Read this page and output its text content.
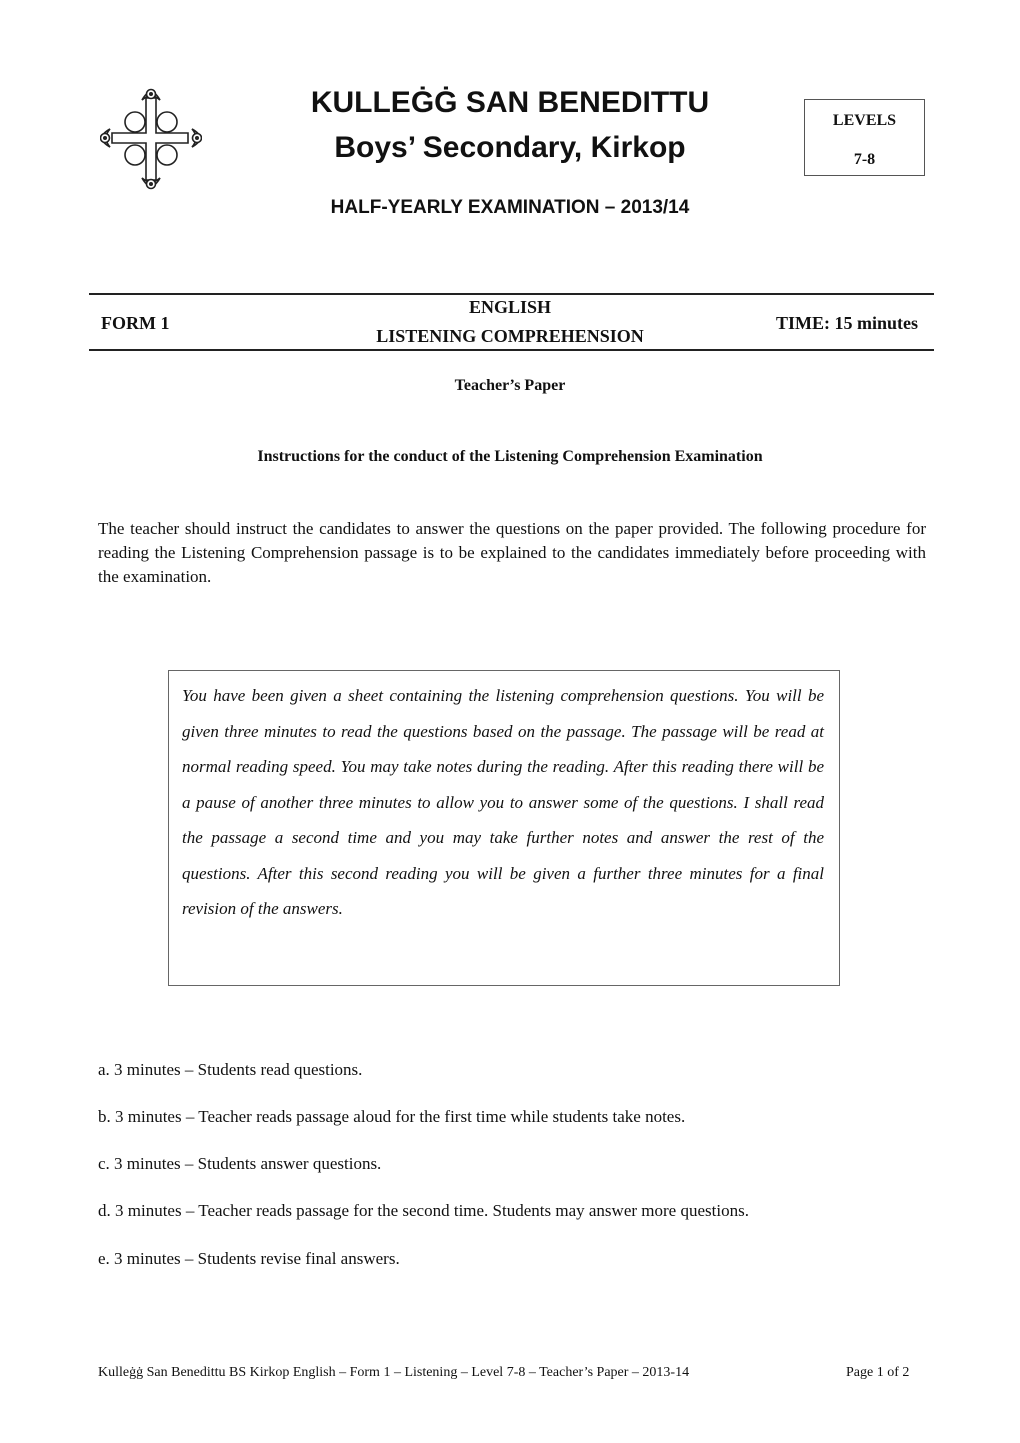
KULLEĠĠ SAN BENEDITTU
Boys’ Secondary, Kirkop
LEVELS
7-8
HALF-YEARLY EXAMINATION – 2013/14
FORM 1
ENGLISH
LISTENING COMPREHENSION
TIME: 15 minutes
Teacher’s Paper
Instructions for the conduct of the Listening Comprehension Examination
The teacher should instruct the candidates to answer the questions on the paper provided. The following procedure for reading the Listening Comprehension passage is to be explained to the candidates immediately before proceeding with the examination.

You have been given a sheet containing the listening comprehension questions. You will be given three minutes to read the questions based on the passage. The passage will be read at normal reading speed. You may take notes during the reading. After this reading there will be a pause of another three minutes to allow you to answer some of the questions. I shall read the passage a second time and you may take further notes and answer the rest of the questions. After this second reading you will be given a further three minutes for a final revision of the answers.

a. 3 minutes – Students read questions.
b. 3 minutes – Teacher reads passage aloud for the first time while students take notes.
c. 3 minutes – Students answer questions.
d. 3 minutes – Teacher reads passage for the second time. Students may answer more questions.
e. 3 minutes – Students revise final answers.
Kulleġġ San Benedittu BS Kirkop English – Form 1 – Listening – Level 7-8 – Teacher’s Paper – 2013-14	Page 1 of 2
